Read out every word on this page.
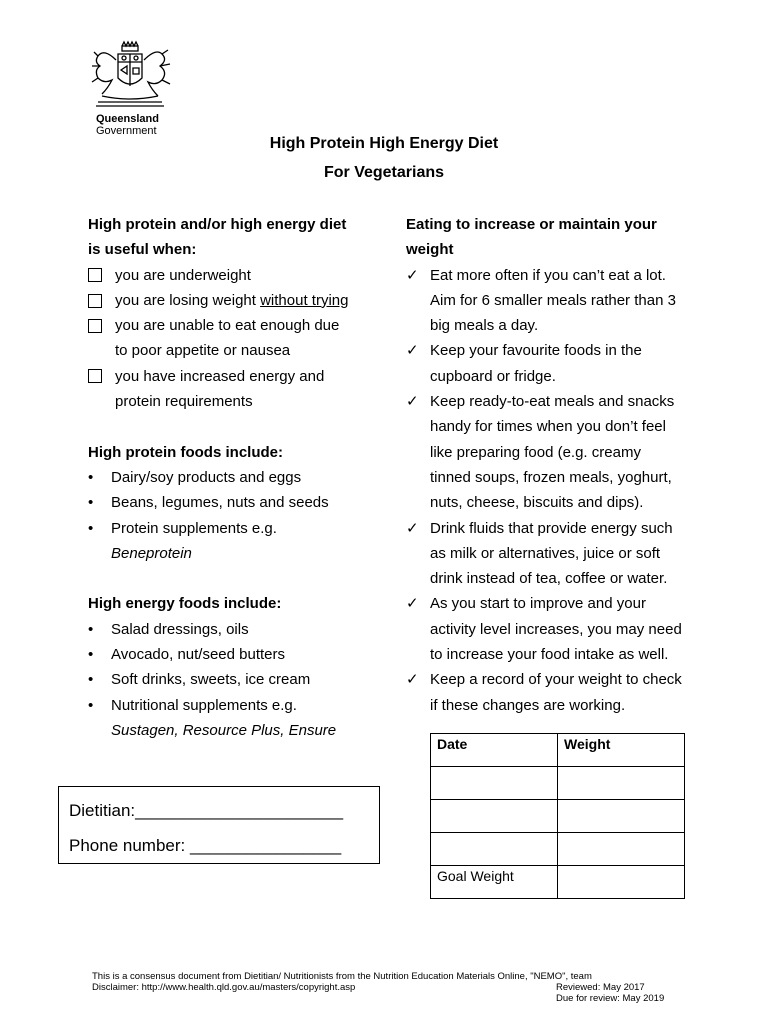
Queensland
Government
High Protein High Energy Diet
For Vegetarians
High protein and/or high energy diet
is useful when:
you are underweight
you are losing weight without trying
you are unable to eat enough due
to poor appetite or nausea
you have increased energy and
protein requirements
High protein foods include:
• Dairy/soy products and eggs
• Beans, legumes, nuts and seeds
• Protein supplements e.g.
Beneprotein
High energy foods include:
• Salad dressings, oils
• Avocado, nut/seed butters
• Soft drinks, sweets, ice cream
• Nutritional supplements e.g.
Sustagen, Resource Plus, Ensure
Eating to increase or maintain your
weight
✓ Eat more often if you can’t eat a lot.
Aim for 6 smaller meals rather than 3
big meals a day.
✓ Keep your favourite foods in the
cupboard or fridge.
✓ Keep ready-to-eat meals and snacks
handy for times when you don’t feel
like preparing food (e.g. creamy
tinned soups, frozen meals, yoghurt,
nuts, cheese, biscuits and dips).
✓ Drink fluids that provide energy such
as milk or alternatives, juice or soft
drink instead of tea, coffee or water.
✓ As you start to improve and your
activity level increases, you may need
to increase your food intake as well.
✓ Keep a record of your weight to check
if these changes are working.
Dietitian:______________________
Phone number: ________________
Date	Weight

Goal Weight	
This is a consensus document from Dietitian/ Nutritionists from the Nutrition Education Materials Online, "NEMO", team
Disclaimer: http://www.health.qld.gov.au/masters/copyright.asp	Reviewed: May 2017
Due for review: May 2019
